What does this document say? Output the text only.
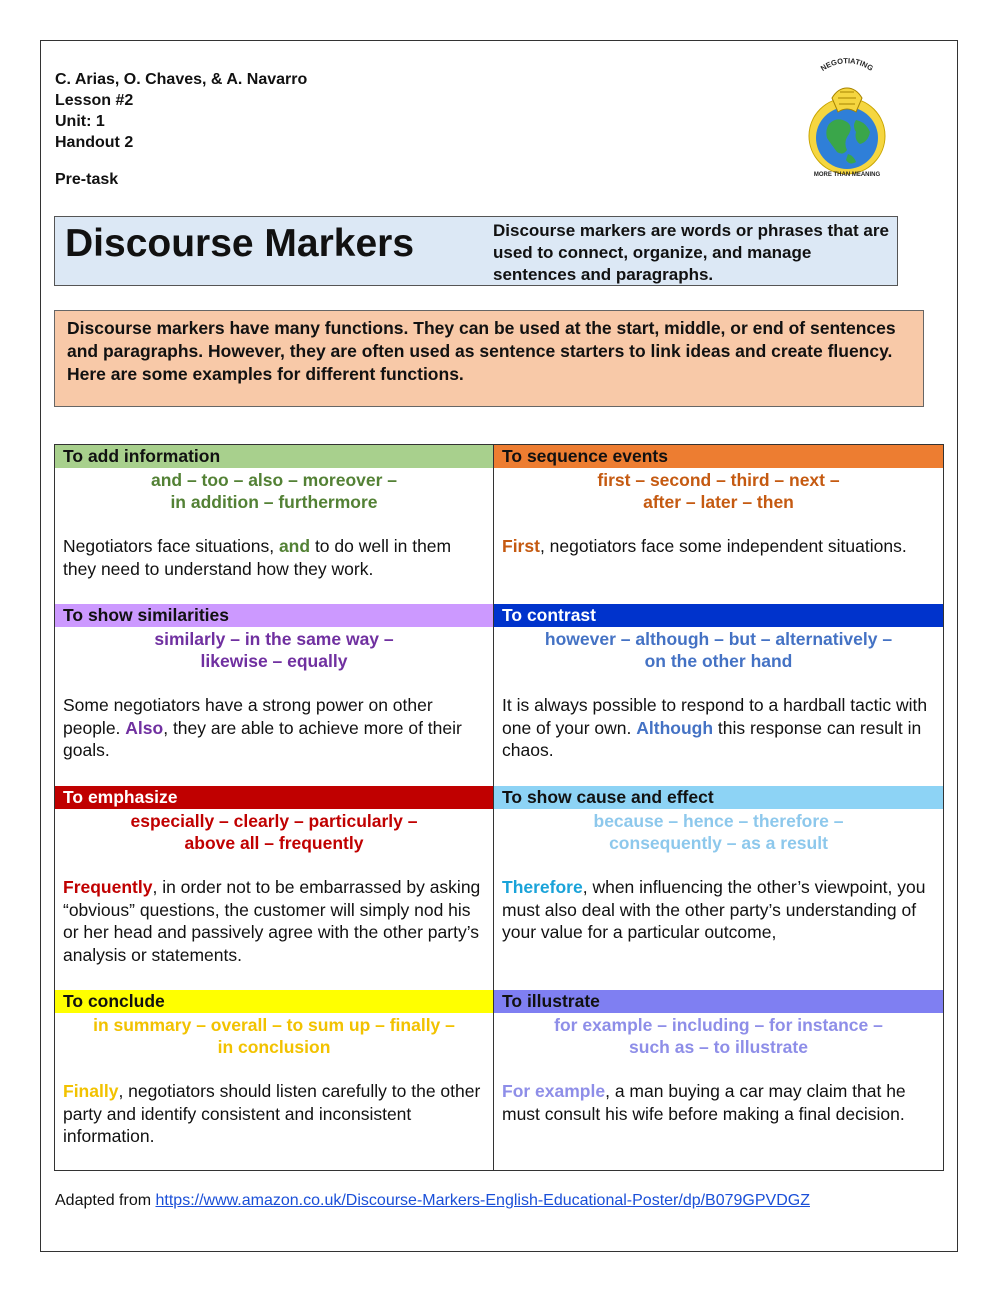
C. Arias, O. Chaves, & A. Navarro
Lesson #2
Unit: 1
Handout 2
Pre-task
NEGOTIATING
MORE THAN MEANING
Discourse Markers	Discourse markers are words or phrases that are used to connect, organize, and manage sentences and paragraphs.
Discourse markers have many functions. They can be used at the start, middle, or end of sentences and paragraphs. However, they are often used as sentence starters to link ideas and create fluency. Here are some examples for different functions.
To add information
and – too – also – moreover –
in addition – furthermore
Negotiators face situations, and to do well in them they need to understand how they work.
To sequence events
first – second – third – next –
after – later – then
First, negotiators face some independent situations.
To show similarities
similarly – in the same way –
likewise – equally
Some negotiators have a strong power on other people. Also, they are able to achieve more of their goals.
To contrast
however – although – but – alternatively –
on the other hand
It is always possible to respond to a hardball tactic with one of your own. Although this response can result in chaos.
To emphasize
especially – clearly – particularly –
above all – frequently
Frequently, in order not to be embarrassed by asking “obvious” questions, the customer will simply nod his or her head and passively agree with the other party’s analysis or statements.
To show cause and effect
because – hence – therefore –
consequently – as a result
Therefore, when influencing the other’s viewpoint, you must also deal with the other party’s understanding of your value for a particular outcome,
To conclude
in summary – overall – to sum up – finally –
in conclusion
Finally, negotiators should listen carefully to the other party and identify consistent and inconsistent information.
To illustrate
for example – including – for instance –
such as – to illustrate
For example, a man buying a car may claim that he must consult his wife before making a final decision.
Adapted from https://www.amazon.co.uk/Discourse-Markers-English-Educational-Poster/dp/B079GPVDGZ
